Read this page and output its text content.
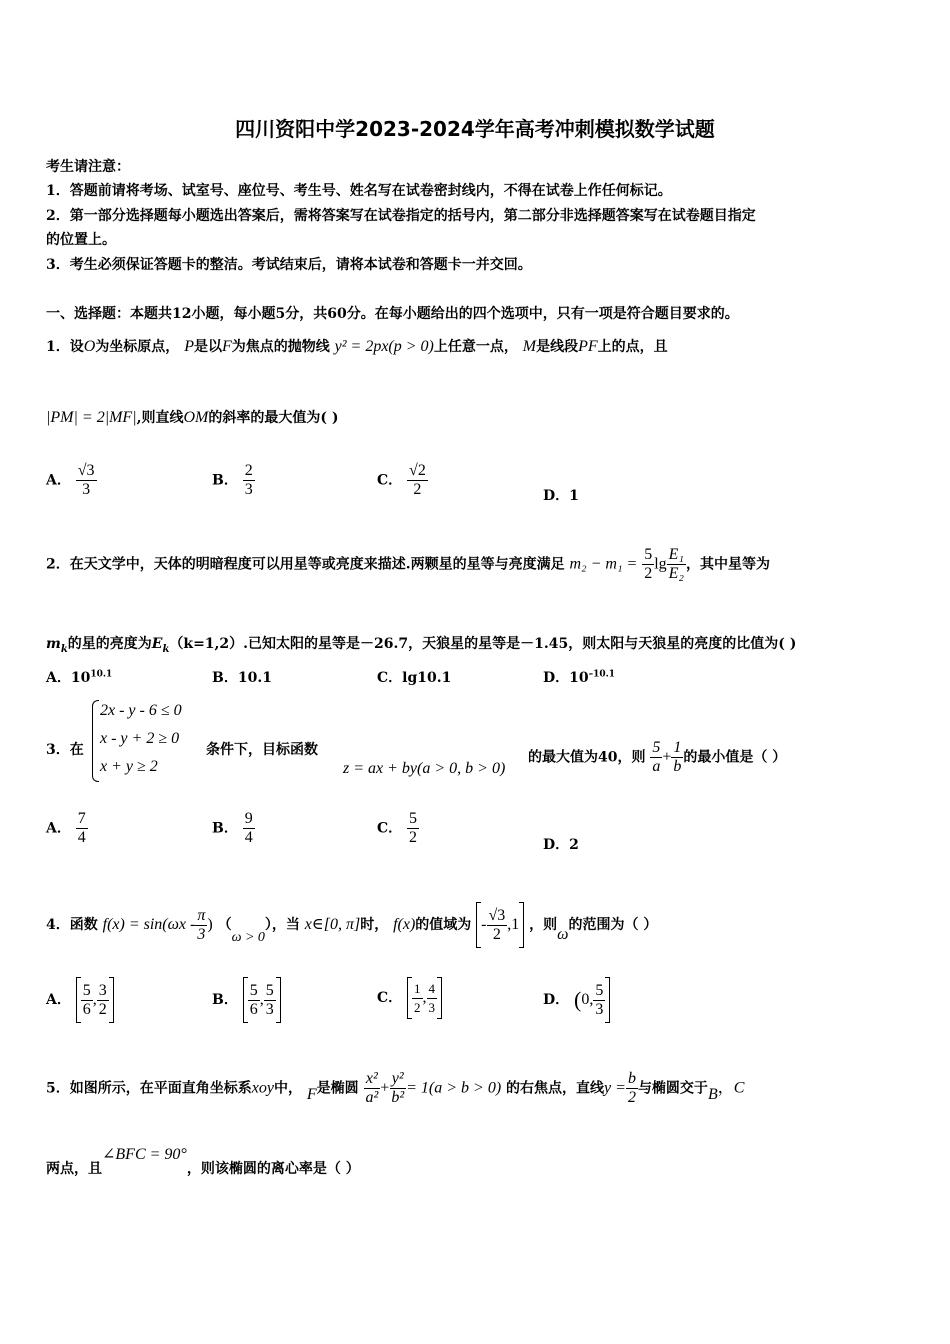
四川资阳中学2023-2024学年高考冲刺模拟数学试题
考生请注意：
1．答题前请将考场、试室号、座位号、考生号、姓名写在试卷密封线内，不得在试卷上作任何标记。
2．第一部分选择题每小题选出答案后，需将答案写在试卷指定的括号内，第二部分非选择题答案写在试卷题目指定
的位置上。
3．考生必须保证答题卡的整洁。考试结束后，请将本试卷和答题卡一并交回。
一、选择题：本题共12小题，每小题5分，共60分。在每小题给出的四个选项中，只有一项是符合题目要求的。
1．设O为坐标原点， P是以F为焦点的抛物线 y² = 2px(p > 0)上任意一点， M是线段PF上的点，且
|PM| = 2|MF|,则直线OM的斜率的最大值为( )
A． $\frac{√3}{3}$	B． $\frac{2}{3}$	C． $\frac{√2}{2}$	D．1
2．在天文学中，天体的明暗程度可以用星等或亮度来描述.两颗星的星等与亮度满足 $m_2 - m_1 = \frac{5}{2}$ $\lg \frac{\text{E₁}}{\text{E₂}}$ ，其中星等为
$m_k$的星的亮度为$E_k(k=1,2)$.已知太阳的星等是－26.7，天狼星的星等是－1.45，则太阳与天狼星的亮度的比值为( )
A．$10^{10.1}$	B．10.1	C．lg10.1	D．$10^{-10.1}$
3．在
2x - y - 6 ≤ 0
x - y + 2 ≥ 0
x + y ≥ 2
条件下，目标函数
z = ax + by(a > 0, b > 0)
的最大值为40，则 $\frac{5}{a} + \frac{1}{b}$ 的最小值是（ ）
A． $\frac{7}{4}$	B． $\frac{9}{4}$	C． $\frac{5}{2}$	D．2
4．函数 $f(x) = \sin(\omega x - \frac{\pi}{3}$ ) （ω > 0），当 x∈[0, π]时， f(x)的值域为 - $\frac{√3}{2} ,1$ ，则ω的范围为（ ）
A． $\frac{5}{6}$ , $\frac{3}{2}$	B． $\frac{5}{6}$ , $\frac{5}{3}$	C． $\frac{1}{2}$ , $\frac{4}{3}$	D． (0, $\frac{5}{3}$
5．如图所示，在平面直角坐标系xoy中， F是椭圆 $\frac{\text{x²}}{\text{a²}} + \frac{\text{y²}}{\text{b²}} = 1(a > b > 0)$ 的右焦点，直线$y = \frac{b}{2}$ 与椭圆交于B，C
两点，且∠BFC = 90°，则该椭圆的离心率是（ ）
